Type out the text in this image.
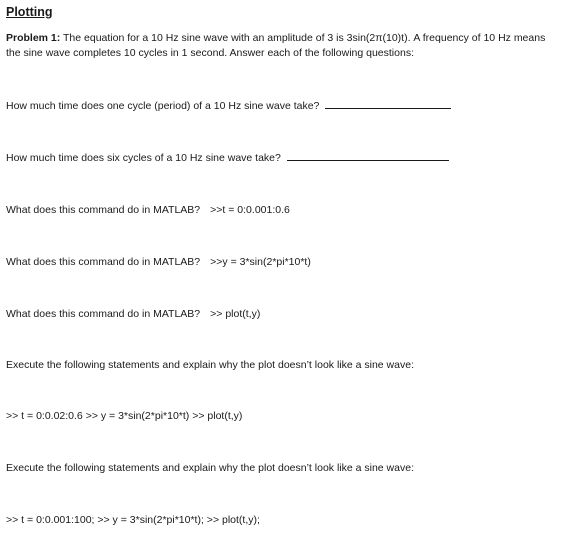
Plotting
Problem 1: The equation for a 10 Hz sine wave with an amplitude of 3 is 3sin(2π(10)t). A frequency of 10 Hz means the sine wave completes 10 cycles in 1 second. Answer each of the following questions:
How much time does one cycle (period) of a 10 Hz sine wave take?
How much time does six cycles of a 10 Hz sine wave take?
What does this command do in MATLAB? >>t = 0:0.001:0.6
What does this command do in MATLAB? >>y = 3*sin(2*pi*10*t)
What does this command do in MATLAB? >> plot(t,y)
Execute the following statements and explain why the plot doesn’t look like a sine wave:
>> t = 0:0.02:0.6 >> y = 3*sin(2*pi*10*t) >> plot(t,y)
Execute the following statements and explain why the plot doesn’t look like a sine wave:
>> t = 0:0.001:100; >> y = 3*sin(2*pi*10*t); >> plot(t,y);
